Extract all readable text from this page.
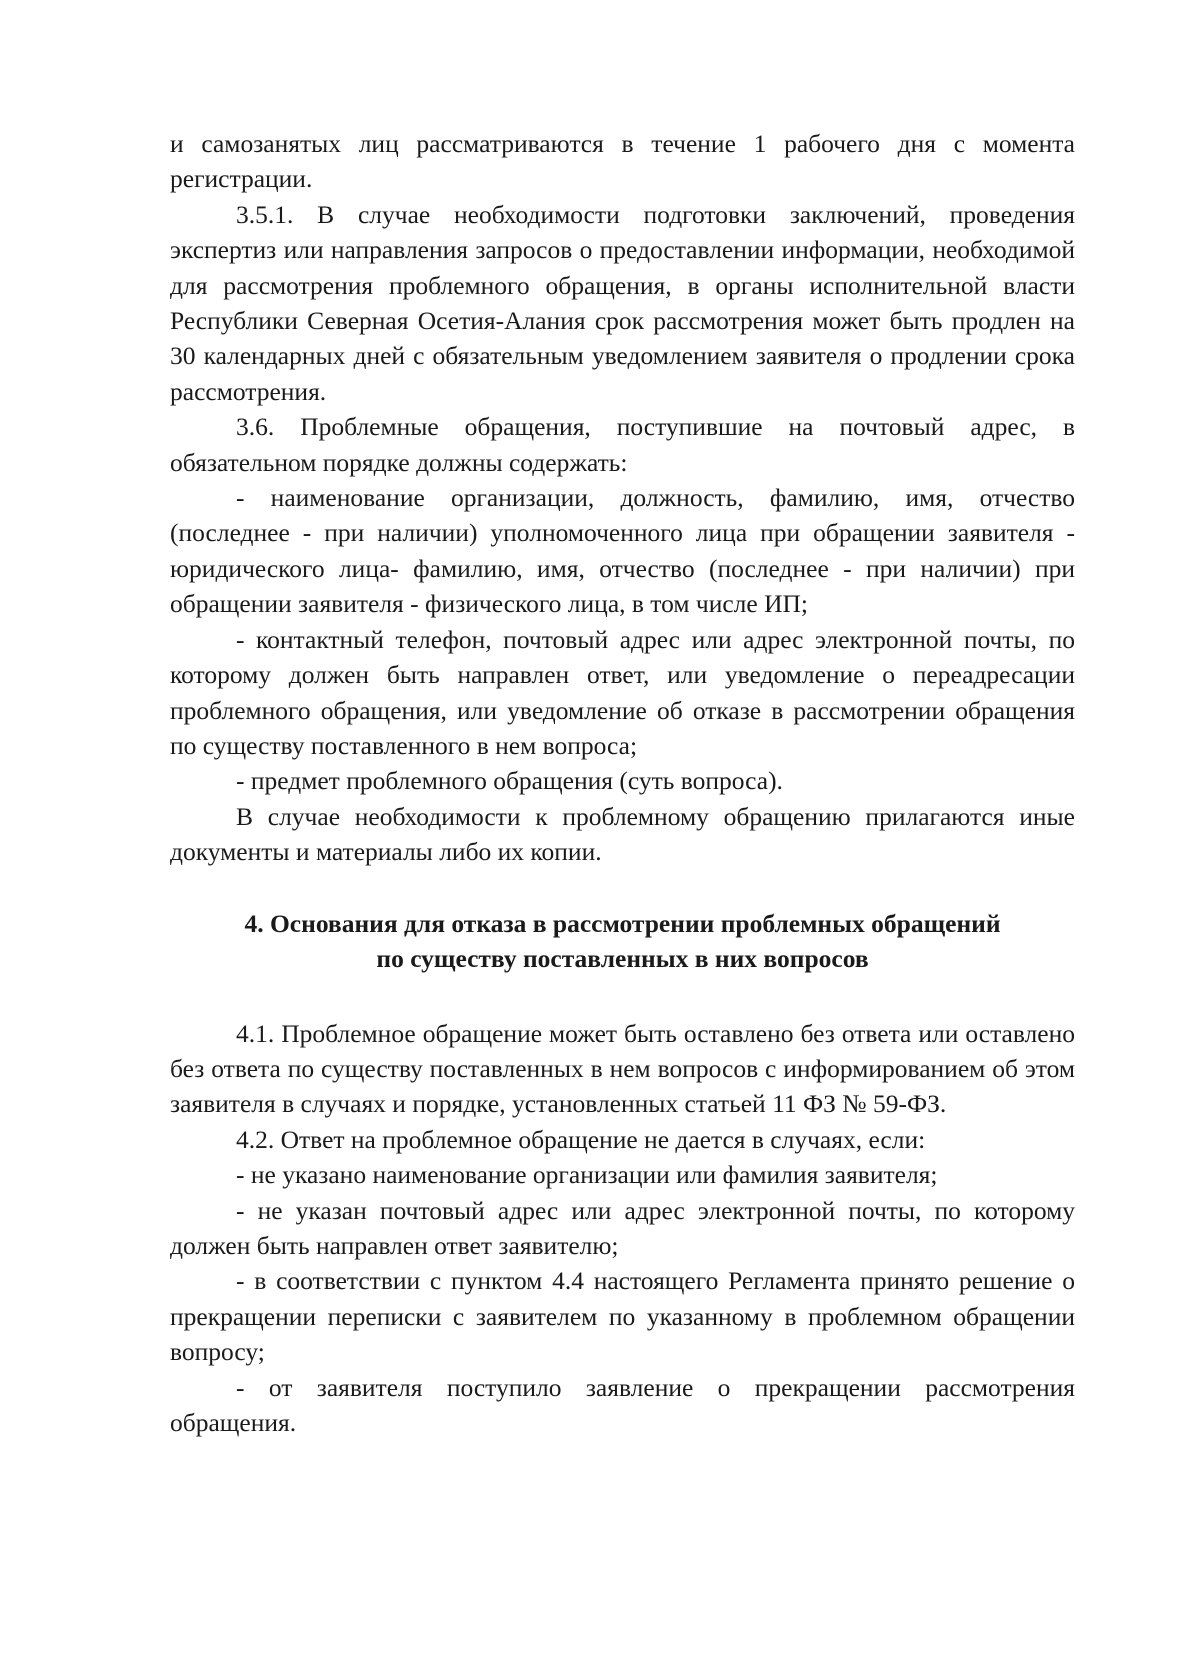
и самозанятых лиц рассматриваются в течение 1 рабочего дня с момента регистрации.

3.5.1. В случае необходимости подготовки заключений, проведения экспертиз или направления запросов о предоставлении информации, необходимой для рассмотрения проблемного обращения, в органы исполнительной власти Республики Северная Осетия-Алания срок рассмотрения может быть продлен на 30 календарных дней с обязательным уведомлением заявителя о продлении срока рассмотрения.

3.6. Проблемные обращения, поступившие на почтовый адрес, в обязательном порядке должны содержать:

- наименование организации, должность, фамилию, имя, отчество (последнее - при наличии) уполномоченного лица при обращении заявителя - юридического лица- фамилию, имя, отчество (последнее - при наличии) при обращении заявителя - физического лица, в том числе ИП;

- контактный телефон, почтовый адрес или адрес электронной почты, по которому должен быть направлен ответ, или уведомление о переадресации проблемного обращения, или уведомление об отказе в рассмотрении обращения по существу поставленного в нем вопроса;

- предмет проблемного обращения (суть вопроса).

В случае необходимости к проблемному обращению прилагаются иные документы и материалы либо их копии.

4. Основания для отказа в рассмотрении проблемных обращений
по существу поставленных в них вопросов

4.1. Проблемное обращение может быть оставлено без ответа или оставлено без ответа по существу поставленных в нем вопросов с информированием об этом заявителя в случаях и порядке, установленных статьей 11 ФЗ № 59-ФЗ.

4.2. Ответ на проблемное обращение не дается в случаях, если:

- не указано наименование организации или фамилия заявителя;

- не указан почтовый адрес или адрес электронной почты, по которому должен быть направлен ответ заявителю;

- в соответствии с пунктом 4.4 настоящего Регламента принято решение о прекращении переписки с заявителем по указанному в проблемном обращении вопросу;

- от заявителя поступило заявление о прекращении рассмотрения обращения.
